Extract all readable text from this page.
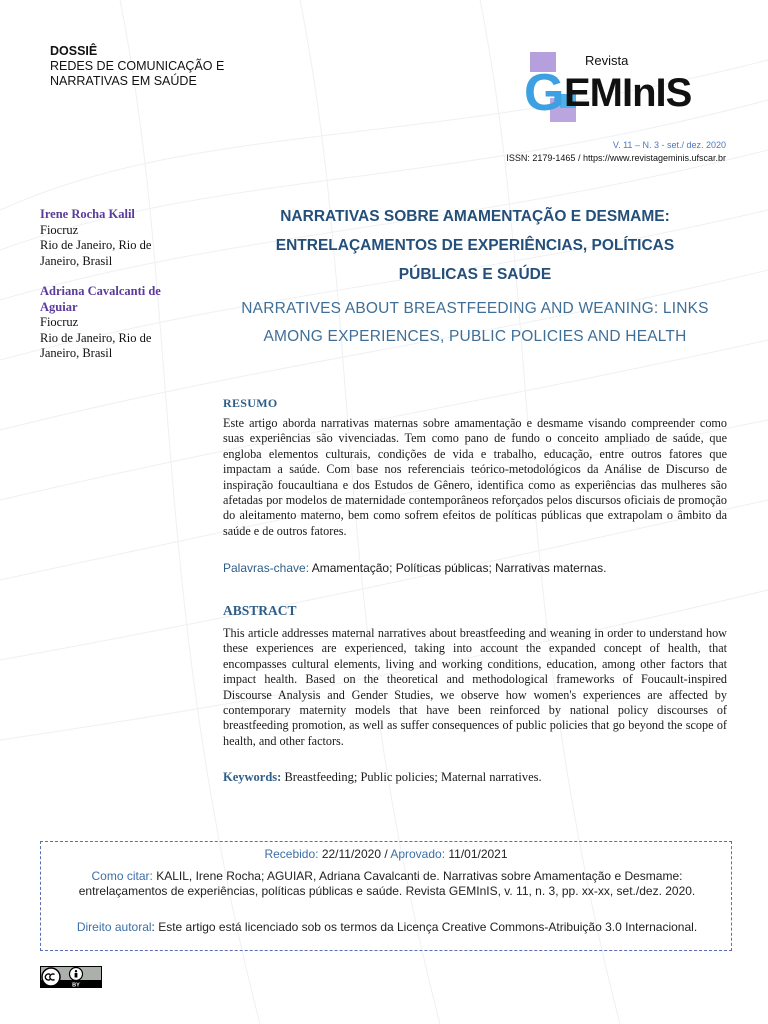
DOSSIÊ
REDES DE COMUNICAÇÃO E
NARRATIVAS EM SAÚDE
Revista
G EMInIS
V. 11 – N. 3 - set./ dez. 2020
ISSN: 2179-1465 / https://www.revistageminis.ufscar.br
Irene Rocha Kalil
Fiocruz
Rio de Janeiro, Rio de
Janeiro, Brasil
Adriana Cavalcanti de
Aguiar
Fiocruz
Rio de Janeiro, Rio de
Janeiro, Brasil
NARRATIVAS SOBRE AMAMENTAÇÃO E DESMAME:
ENTRELAÇAMENTOS DE EXPERIÊNCIAS, POLÍTICAS
PÚBLICAS E SAÚDE
NARRATIVES ABOUT BREASTFEEDING AND WEANING: LINKS
AMONG EXPERIENCES, PUBLIC POLICIES AND HEALTH
RESUMO
Este artigo aborda narrativas maternas sobre amamentação e desmame visando compreender como suas experiências são vivenciadas. Tem como pano de fundo o conceito ampliado de saúde, que engloba elementos culturais, condições de vida e trabalho, educação, entre outros fatores que impactam a saúde. Com base nos referenciais teórico-metodológicos da Análise de Discurso de inspiração foucaultiana e dos Estudos de Gênero, identifica como as experiências das mulheres são afetadas por modelos de maternidade contemporâneos reforçados pelos discursos oficiais de promoção do aleitamento materno, bem como sofrem efeitos de políticas públicas que extrapolam o âmbito da saúde e de outros fatores.
Palavras-chave: Amamentação; Políticas públicas; Narrativas maternas.
ABSTRACT
This article addresses maternal narratives about breastfeeding and weaning in order to understand how these experiences are experienced, taking into account the expanded concept of health, that encompasses cultural elements, living and working conditions, education, among other factors that impact health. Based on the theoretical and methodological frameworks of Foucault-inspired Discourse Analysis and Gender Studies, we observe how women's experiences are affected by contemporary maternity models that have been reinforced by national policy discourses of breastfeeding promotion, as well as suffer consequences of public policies that go beyond the scope of health, and other factors.
Keywords: Breastfeeding; Public policies; Maternal narratives.
Recebido: 22/11/2020 / Aprovado: 11/01/2021
Como citar: KALIL, Irene Rocha; AGUIAR, Adriana Cavalcanti de. Narrativas sobre Amamentação e Desmame: entrelaçamentos de experiências, políticas públicas e saúde. Revista GEMInIS, v. 11, n. 3, pp. xx-xx, set./dez. 2020.
Direito autoral: Este artigo está licenciado sob os termos da Licença Creative Commons-Atribuição 3.0 Internacional.
BY
